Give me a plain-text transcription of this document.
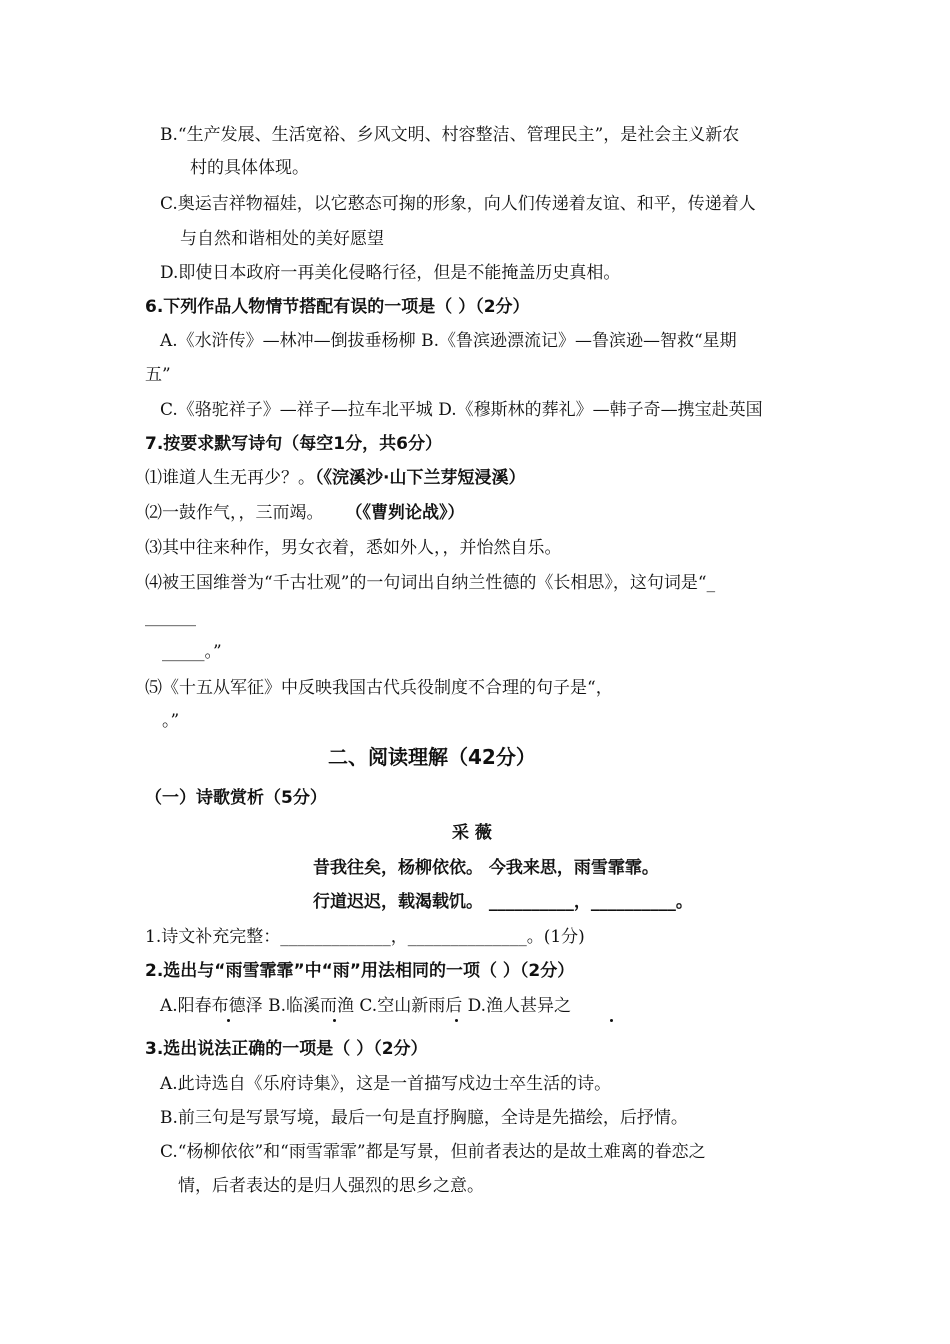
B.“生产发展、生活宽裕、乡风文明、村容整洁、管理民主”，是社会主义新农
村的具体体现。
C.奥运吉祥物福娃，以它憨态可掬的形象，向人们传递着友谊、和平，传递着人
与自然和谐相处的美好愿望
D.即使日本政府一再美化侵略行径，但是不能掩盖历史真相。
6.下列作品人物情节搭配有误的一项是（ ）（2分）
A.《水浒传》—林冲—倒拔垂杨柳 B.《鲁滨逊漂流记》—鲁滨逊—智救“星期
五”
C.《骆驼祥子》—祥子—拉车北平城 D.《穆斯林的葬礼》—韩子奇—携宝赴英国
7.按要求默写诗句（每空1分，共6分）
⑴谁道人生无再少？。（《浣溪沙·山下兰芽短浸溪）
⑵一鼓作气，，三而竭。 （《曹刿论战》）
⑶其中往来种作，男女衣着，悉如外人，，并怡然自乐。
⑷被王国维誉为“千古壮观”的一句词出自纳兰性德的《长相思》，这句词是“_
______
_____。”
⑸《十五从军征》中反映我国古代兵役制度不合理的句子是“，
。”
二、阅读理解（42分）
（一）诗歌赏析（5分）
采 薇
昔我往矣，杨柳依依。 今我来思，雨雪霏霏。
行道迟迟，载渴载饥。 __________，__________。
1.诗文补充完整：_____________，______________。(1分)
2.选出与“雨雪霏霏”中“雨”用法相同的一项（ ）（2分）
A.阳春布德泽 B.临溪而渔 C.空山新雨后 D.渔人甚异之
3.选出说法正确的一项是（ ）（2分）
A.此诗选自《乐府诗集》，这是一首描写戍边士卒生活的诗。
B.前三句是写景写境，最后一句是直抒胸臆，全诗是先描绘，后抒情。
C.“杨柳依依”和“雨雪霏霏”都是写景，但前者表达的是故土难离的眷恋之
情，后者表达的是归人强烈的思乡之意。
